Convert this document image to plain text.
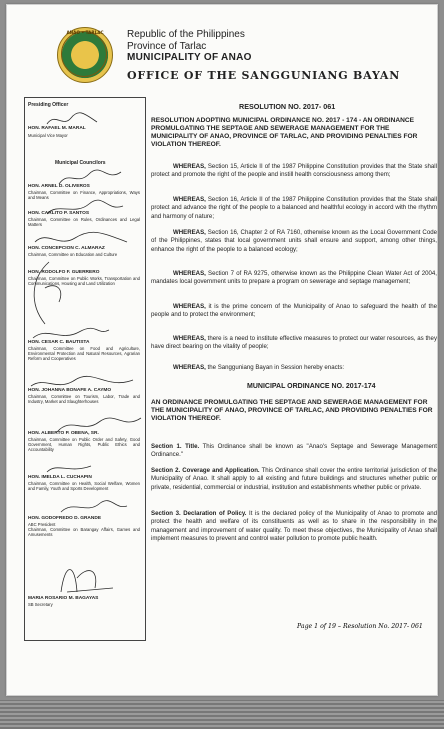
ANAO • TARLAC	Republic of the Philippines
Province of Tarlac
MUNICIPALITY OF ANAO
OFFICE OF THE SANGGUNIANG BAYAN
Presiding Officer
HON. RAFAEL M. MARAL
Municipal Vice Mayor
Municipal Councilors
HON. ARNEL D. OLIVEROS
Chairman, Committee on Finance, Appropriations, Ways and Means
HON. CARLITO P. SANTOS
Chairman, Committee on Rules, Ordinances and Legal Matters
HON. CONCEPCION C. ALMARAZ
Chairman, Committee on Education and Culture
HON. RODOLFO F. GUERRERO
Chairman, Committee on Public Works, Transportation and Communications, Housing and Land Utilization
HON. CESAR C. BAUTISTA
Chairman, Committee on Food and Agriculture, Environmental Protection and Natural Resources, Agrarian Reform and Cooperatives
HON. JOHANNA BONAFE A. CAYMO
Chairman, Committee on Tourism, Labor, Trade and Industry, Market and Slaughterhouses
HON. ALBERTO P. OBENA, SR.
Chairman, Committee on Public Order and Safety, Good Government, Human Rights, Public Ethics and Accountability
HON. IMELDA L. CUCHAPIN
Chairman, Committee on Health, Social Welfare, Women and Family, Youth and Sports Development
HON. GODOFREDO D. GRANDE
ABC President
Chairman, Committee on Barangay Affairs, Games and Amusements
MARIA ROSARIO M. BAGAYAS
SB Secretary
RESOLUTION NO. 2017- 061
RESOLUTION ADOPTING MUNICIPAL ORDINANCE NO. 2017 - 174 - AN ORDINANCE PROMULGATING THE SEPTAGE AND SEWERAGE MANAGEMENT FOR THE MUNICIPALITY OF ANAO, PROVINCE OF TARLAC, AND PROVIDING PENALTIES FOR VIOLATION THEREOF.
WHEREAS, Section 15, Article II of the 1987 Philippine Constitution provides that the State shall protect and promote the right of the people and instill health consciousness among them;
WHEREAS, Section 16, Article II of the 1987 Philippine Constitution provides that the State shall protect and advance the right of the people to a balanced and healthful ecology in accord with the rhythm and harmony of nature;
WHEREAS, Section 16, Chapter 2 of RA 7160, otherwise known as the Local Government Code of the Philippines, states that local government units shall ensure and support, among other things, enhance the right of the people to a balanced ecology;
WHEREAS, Section 7 of RA 9275, otherwise known as the Philippine Clean Water Act of 2004, mandates local government units to prepare a program on sewerage and septage management;
WHEREAS, it is the prime concern of the Municipality of Anao to safeguard the health of the people and to protect the environment;
WHEREAS, there is a need to institute effective measures to protect our water resources, as they have direct bearing on the vitality of people;
WHEREAS, the Sangguniang Bayan in Session hereby enacts:
MUNICIPAL ORDINANCE NO. 2017-174
AN ORDINANCE PROMULGATING THE SEPTAGE AND SEWERAGE MANAGEMENT FOR THE MUNICIPALITY OF ANAO, PROVINCE OF TARLAC, AND PROVIDING PENALTIES FOR VIOLATION THEREOF.
Section 1. Title. This Ordinance shall be known as "Anao's Septage and Sewerage Management Ordinance."
Section 2. Coverage and Application. This Ordinance shall cover the entire territorial jurisdiction of the Municipality of Anao. It shall apply to all existing and future buildings and structures whether public or private, residential, commercial or industrial, institution and establishments whether public or private.
Section 3. Declaration of Policy. It is the declared policy of the Municipality of Anao to promote and protect the health and welfare of its constituents as well as to share in the responsibility in the management and improvement of water quality. To meet these objectives, the Municipality of Anao shall implement measures to prevent and control water pollution to promote public health.
Page 1 of 19 – Resolution No. 2017- 061
